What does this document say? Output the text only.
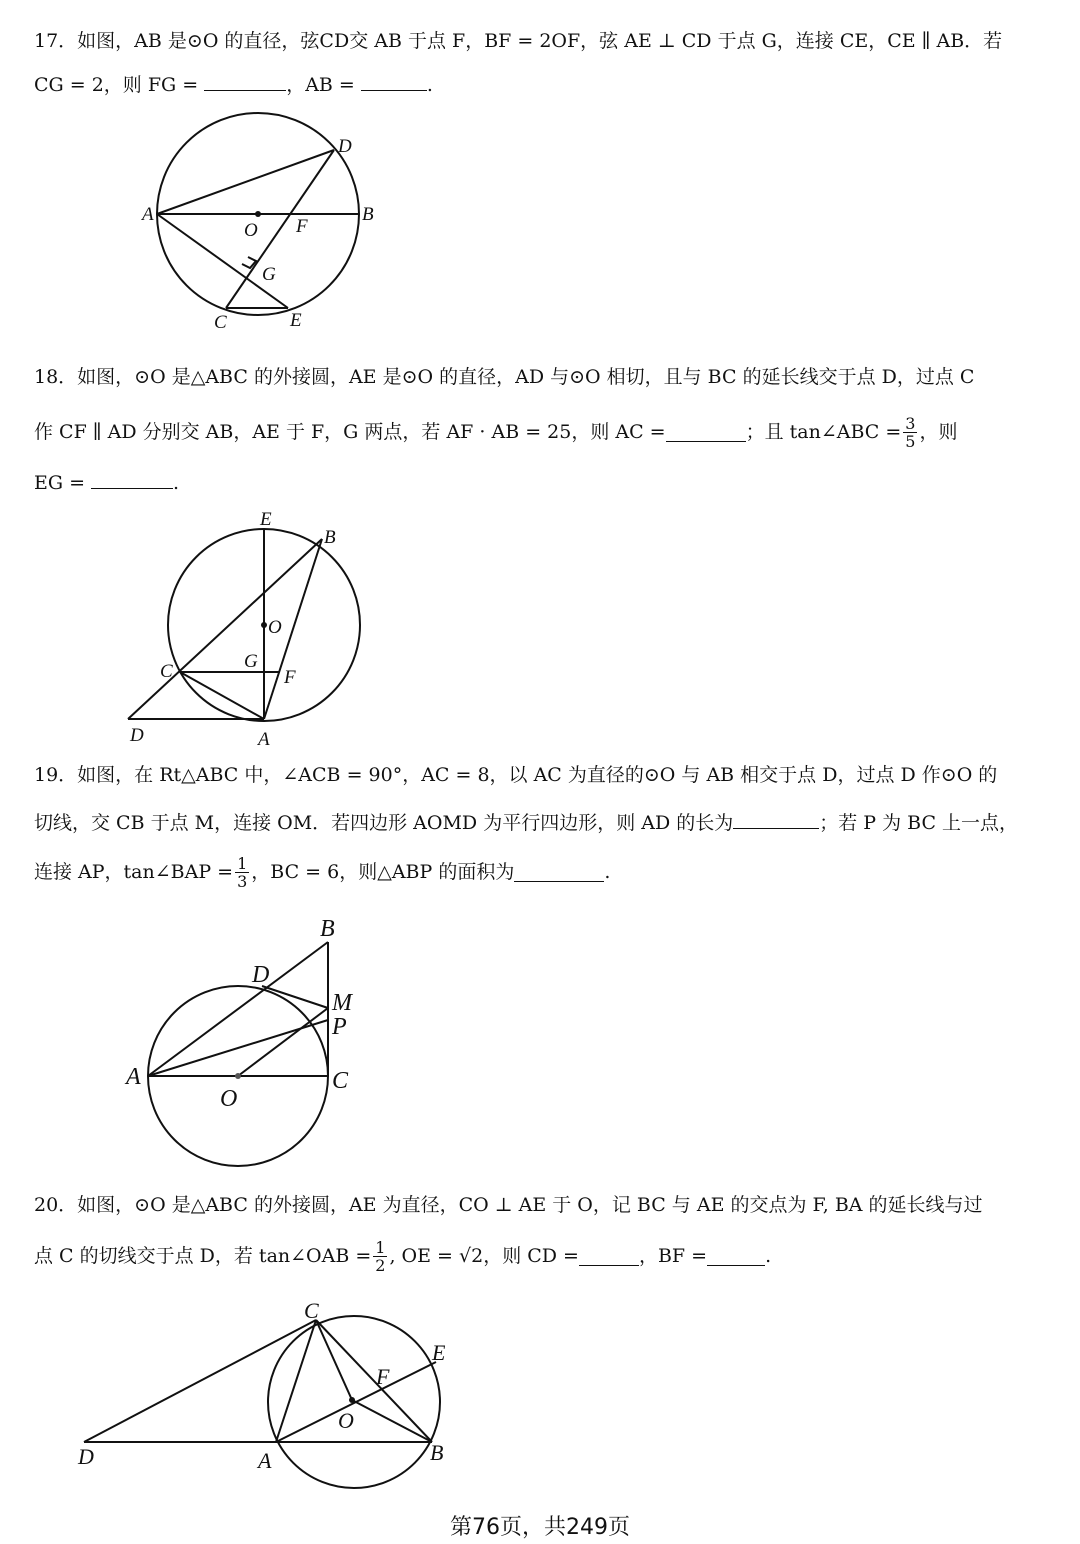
17．如图，AB 是⊙O 的直径，弦CD交 AB 于点 F，BF = 2OF，弦 AE ⊥ CD 于点 G，连接 CE，CE ∥ AB．若
CG = 2，则 FG =	，AB =	.
A	B
C
D
E
F
G
O
18．如图，⊙O 是△ABC 的外接圆，AE 是⊙O 的直径，AD 与⊙O 相切，且与 BC 的延长线交于点 D，过点 C
作 CF ∥ AD 分别交 AB，AE 于 F，G 两点，若 AF · AB = 25，则 AC =	；且 tan∠ABC = $\frac{3}{5}$ ，则
EG =	.
A
B
C
D
E
F
G
O
19．如图，在 Rt△ABC 中，∠ACB = 90°，AC = 8，以 AC 为直径的⊙O 与 AB 相交于点 D，过点 D 作⊙O 的
切线，交 CB 于点 M，连接 OM．若四边形 AOMD 为平行四边形，则 AD 的长为	；若 P 为 BC 上一点，
连接 AP，tan∠BAP = $\frac{1}{3}$ ，BC = 6，则△ABP 的面积为	.
A
B
C
D
M
P
O
20．如图，⊙O 是△ABC 的外接圆，AE 为直径，CO ⊥ AE 于 O，记 BC 与 AE 的交点为 F, BA 的延长线与过
点 C 的切线交于点 D，若 tan∠OAB = $\frac{1}{2}$ , OE = √2，则 CD =	，BF =	.
A	B
C
D
E
F
O
第76页，共249页
